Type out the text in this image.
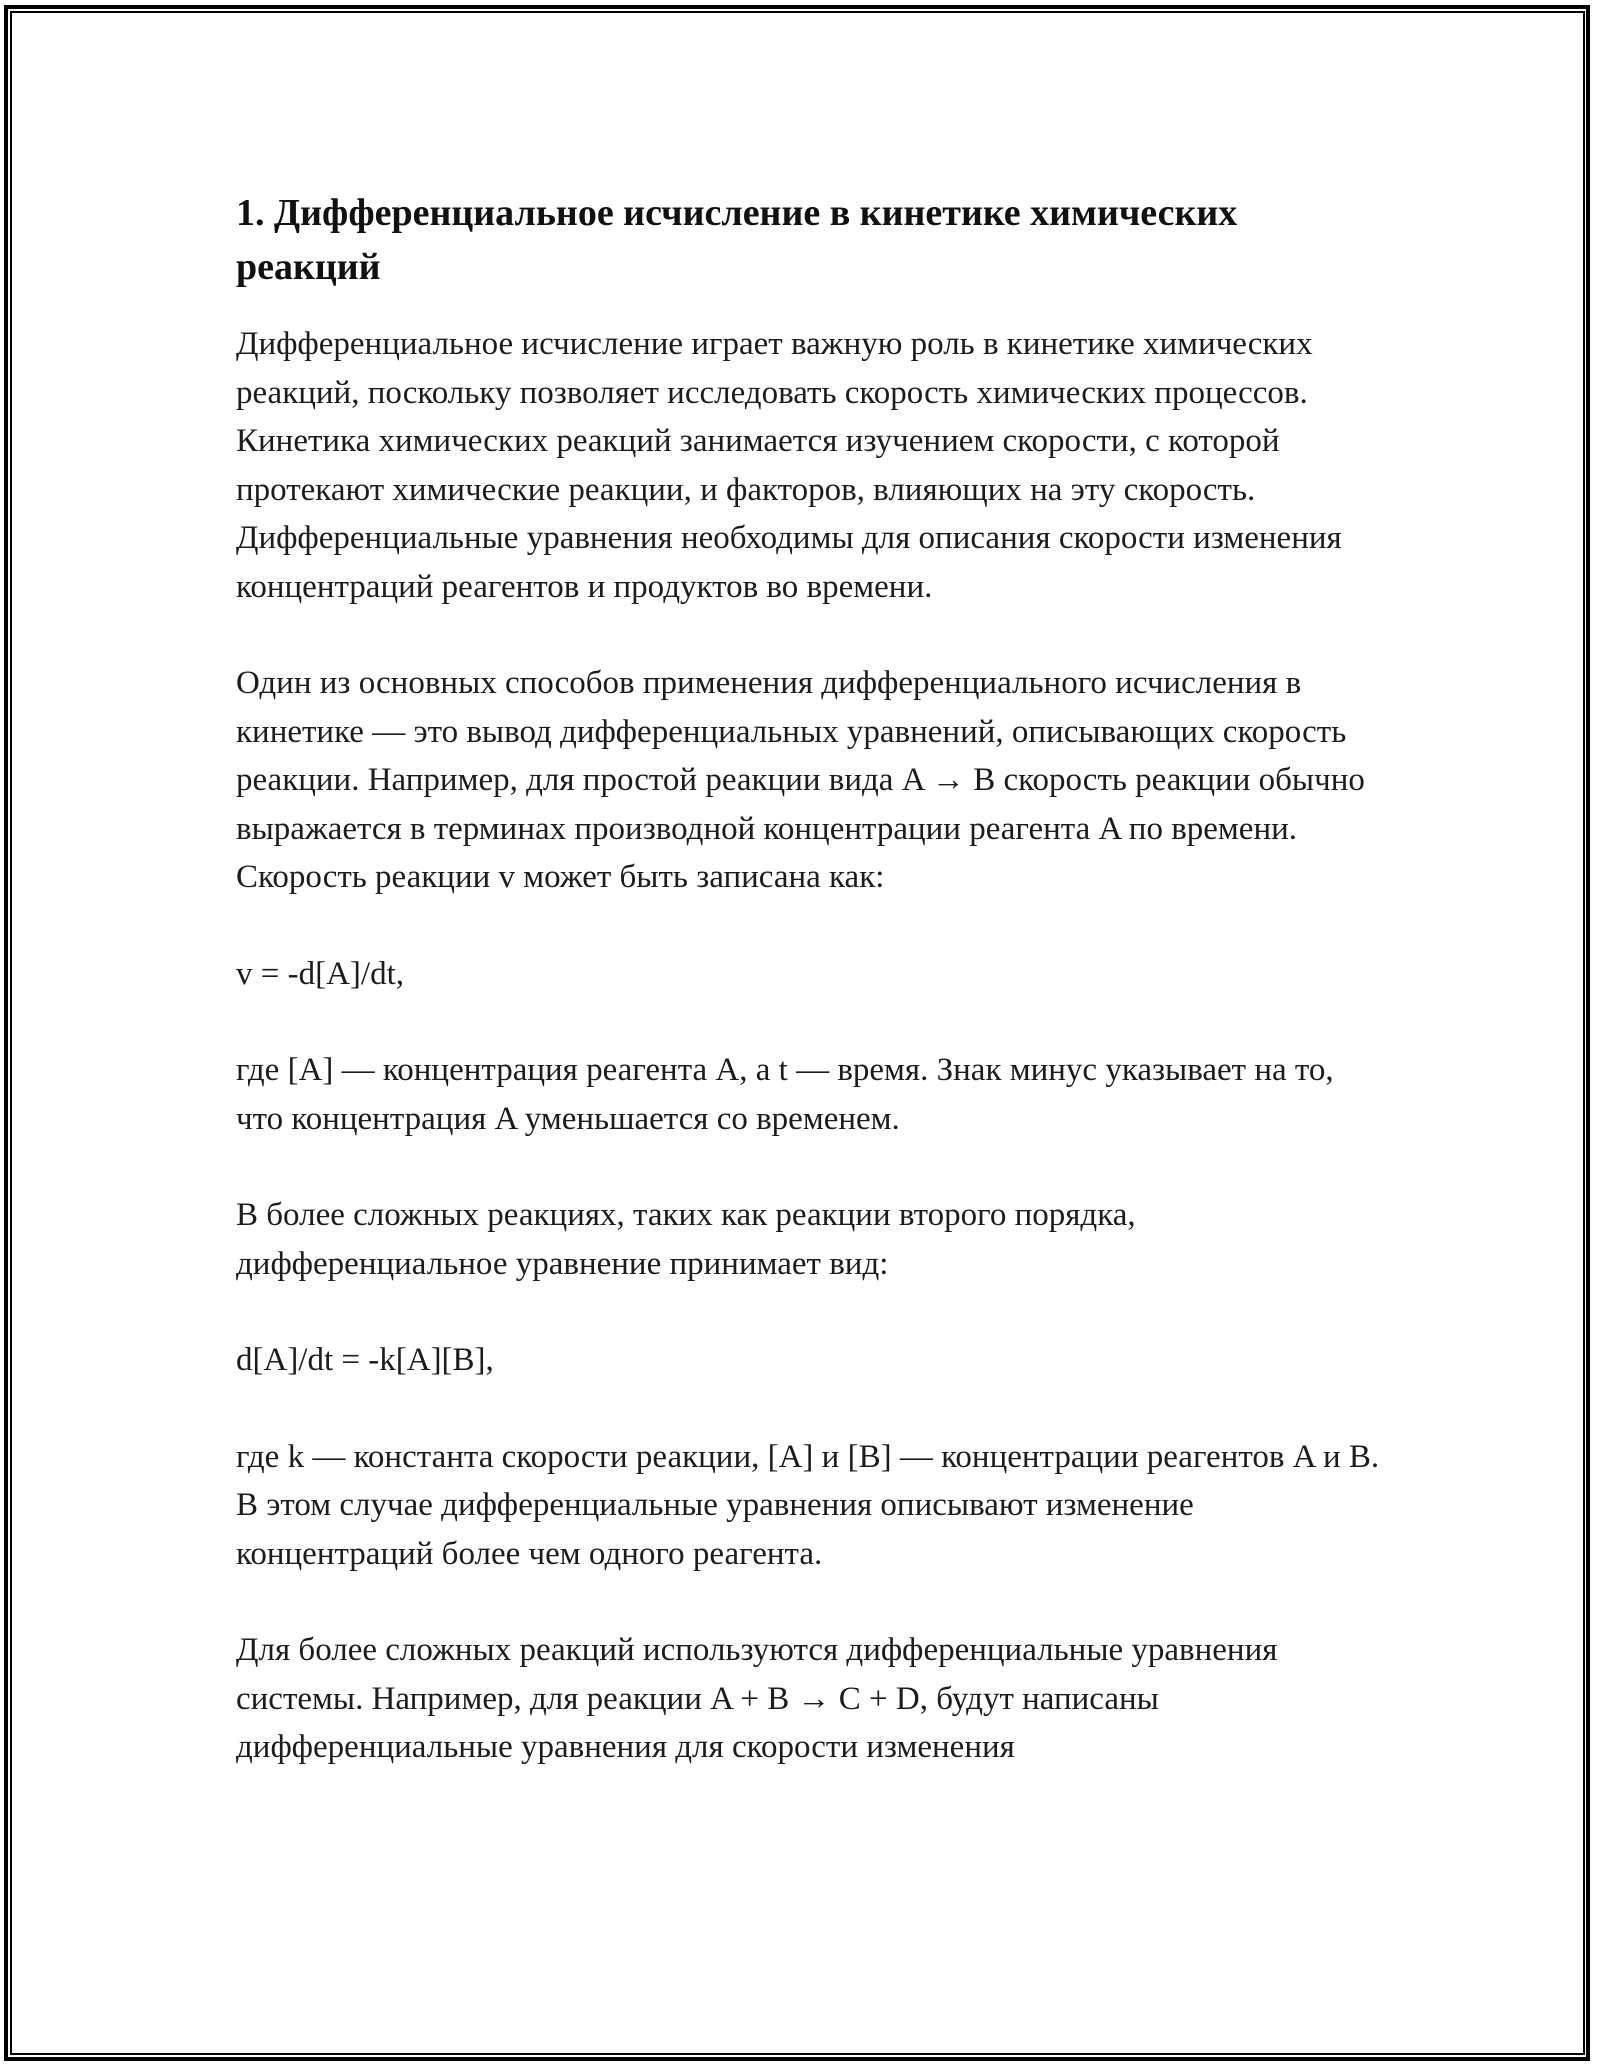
1. Дифференциальное исчисление в кинетике химических реакций

Дифференциальное исчисление играет важную роль в кинетике химических реакций, поскольку позволяет исследовать скорость химических процессов. Кинетика химических реакций занимается изучением скорости, с которой протекают химические реакции, и факторов, влияющих на эту скорость. Дифференциальные уравнения необходимы для описания скорости изменения концентраций реагентов и продуктов во времени.

Один из основных способов применения дифференциального исчисления в кинетике — это вывод дифференциальных уравнений, описывающих скорость реакции. Например, для простой реакции вида A → B скорость реакции обычно выражается в терминах производной концентрации реагента A по времени. Скорость реакции v может быть записана как:

v = -d[A]/dt,

где [A] — концентрация реагента A, а t — время. Знак минус указывает на то, что концентрация A уменьшается со временем.

В более сложных реакциях, таких как реакции второго порядка, дифференциальное уравнение принимает вид:

d[A]/dt = -k[A][B],

где k — константа скорости реакции, [A] и [B] — концентрации реагентов A и B. В этом случае дифференциальные уравнения описывают изменение концентраций более чем одного реагента.

Для более сложных реакций используются дифференциальные уравнения системы. Например, для реакции A + B → C + D, будут написаны дифференциальные уравнения для скорости изменения
